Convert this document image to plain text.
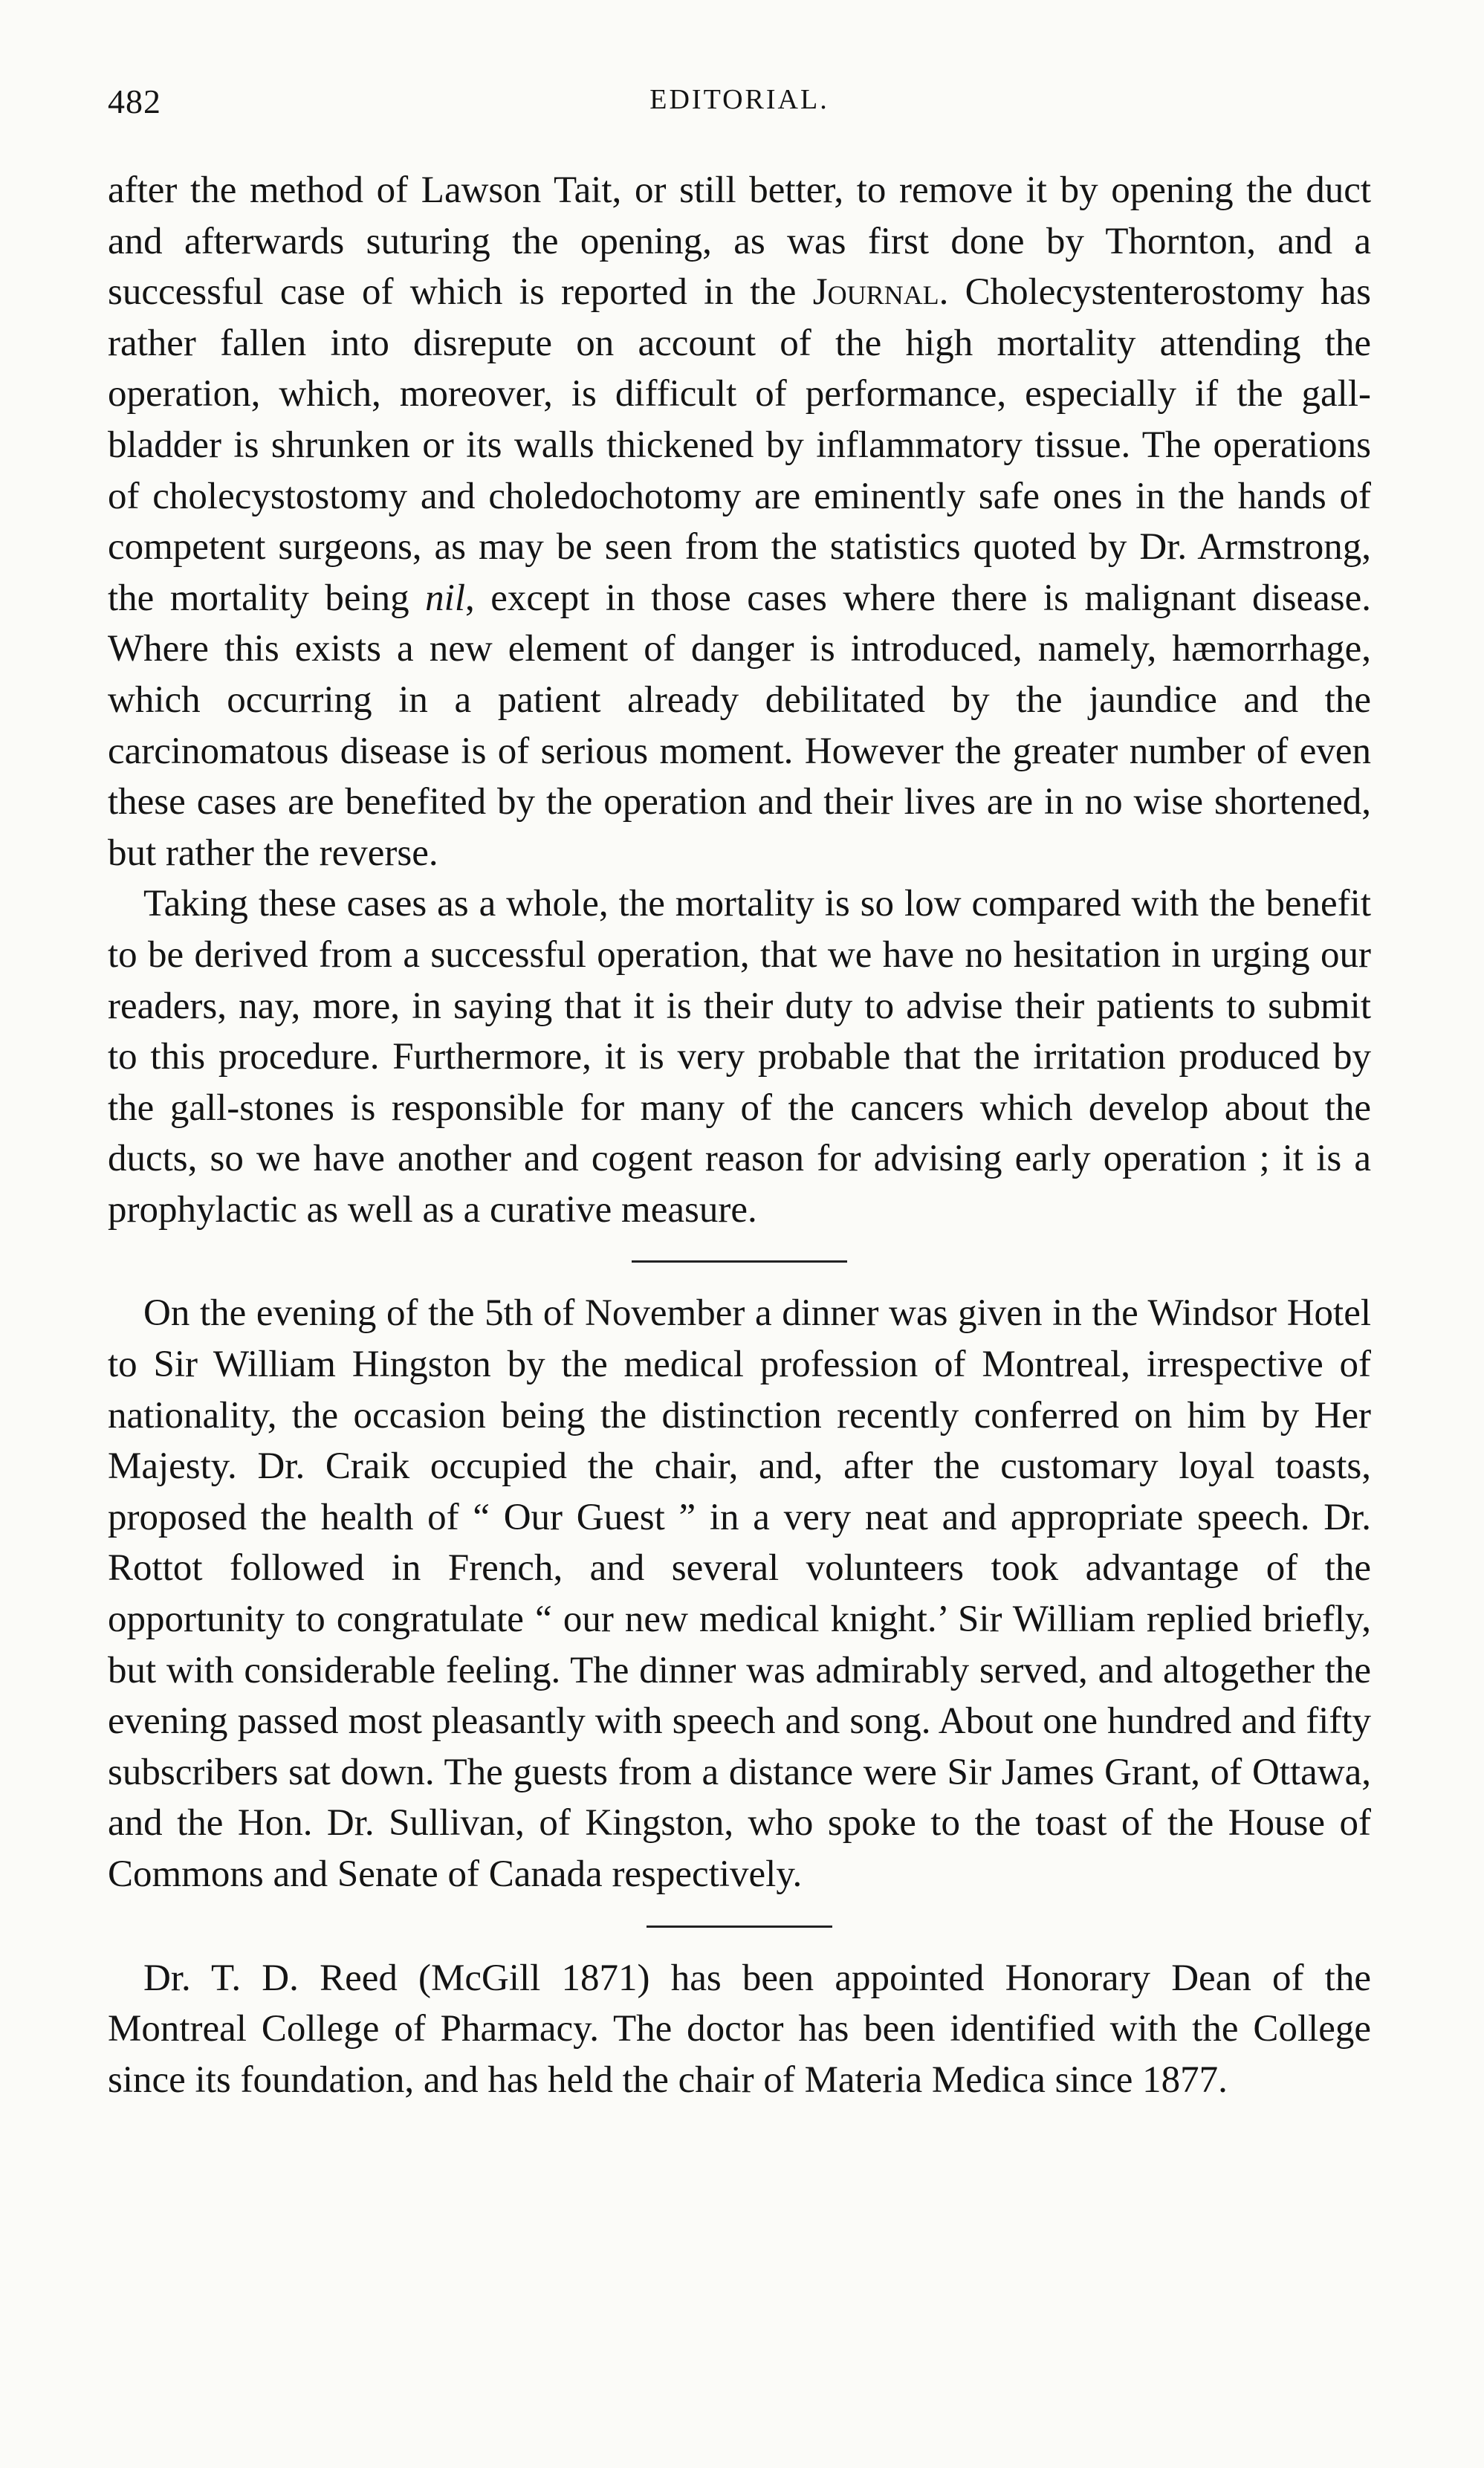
482	EDITORIAL.

after the method of Lawson Tait, or still better, to remove it by opening the duct and afterwards suturing the opening, as was first done by Thornton, and a successful case of which is reported in the Journal. Cholecystenterostomy has rather fallen into disrepute on account of the high mortality attending the operation, which, moreover, is difficult of performance, especially if the gall-bladder is shrunken or its walls thickened by inflammatory tissue. The operations of cholecystostomy and choledochotomy are eminently safe ones in the hands of competent surgeons, as may be seen from the statistics quoted by Dr. Armstrong, the mortality being nil, except in those cases where there is malignant disease. Where this exists a new element of danger is introduced, namely, hæmorrhage, which occurring in a patient already debilitated by the jaundice and the carcinomatous disease is of serious moment. However the greater number of even these cases are benefited by the operation and their lives are in no wise shortened, but rather the reverse.

Taking these cases as a whole, the mortality is so low compared with the benefit to be derived from a successful operation, that we have no hesitation in urging our readers, nay, more, in saying that it is their duty to advise their patients to submit to this procedure. Furthermore, it is very probable that the irritation produced by the gall-stones is responsible for many of the cancers which develop about the ducts, so we have another and cogent reason for advising early operation ; it is a prophylactic as well as a curative measure.

On the evening of the 5th of November a dinner was given in the Windsor Hotel to Sir William Hingston by the medical profession of Montreal, irrespective of nationality, the occasion being the distinction recently conferred on him by Her Majesty. Dr. Craik occupied the chair, and, after the customary loyal toasts, proposed the health of “ Our Guest ” in a very neat and appropriate speech. Dr. Rottot followed in French, and several volunteers took advantage of the opportunity to congratulate “ our new medical knight.’ Sir William replied briefly, but with considerable feeling. The dinner was admirably served, and altogether the evening passed most pleasantly with speech and song. About one hundred and fifty subscribers sat down. The guests from a distance were Sir James Grant, of Ottawa, and the Hon. Dr. Sullivan, of Kingston, who spoke to the toast of the House of Commons and Senate of Canada respectively.

Dr. T. D. Reed (McGill 1871) has been appointed Honorary Dean of the Montreal College of Pharmacy. The doctor has been identified with the College since its foundation, and has held the chair of Materia Medica since 1877.
